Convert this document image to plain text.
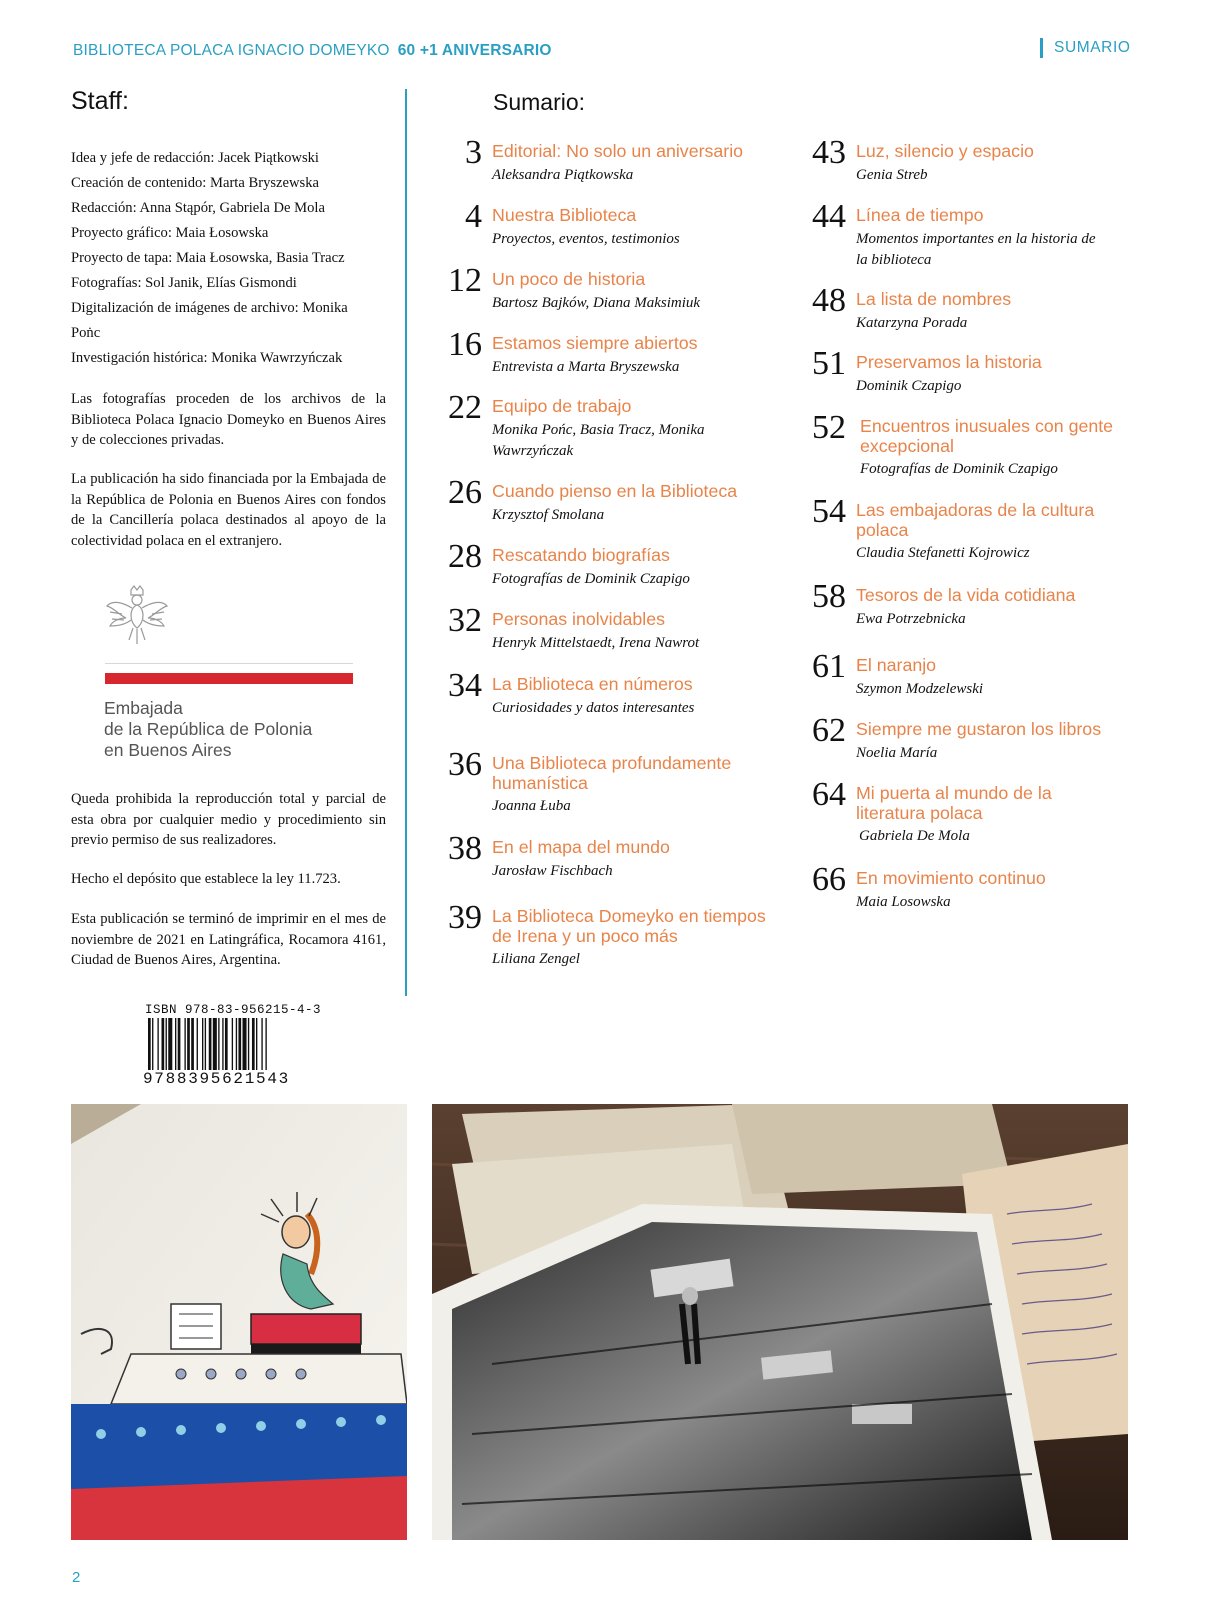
BIBLIOTECA POLACA IGNACIO DOMEYKO 60 +1 ANIVERSARIO	SUMARIO
Staff:
Idea y jefe de redacción: Jacek Piątkowski
Creación de contenido: Marta Bryszewska
Redacción: Anna Stąpór, Gabriela De Mola
Proyecto gráfico: Maia Łosowska
Proyecto de tapa: Maia Łosowska, Basia Tracz
Fotografías: Sol Janik, Elías Gismondi
Digitalización de imágenes de archivo: Monika
Poṅc
Investigación histórica: Monika Wawrzyńczak
Las fotografías proceden de los archivos de la Biblioteca Polaca Ignacio Domeyko en Buenos Aires y de colecciones privadas.
La publicación ha sido financiada por la Embajada de la República de Polonia en Buenos Aires con fondos de la Cancillería polaca destinados al apoyo de la colectividad polaca en el extranjero.
Embajada
de la República de Polonia
en Buenos Aires
Queda prohibida la reproducción total y parcial de esta obra por cualquier medio y procedimiento sin previo permiso de sus realizadores.
Hecho el depósito que establece la ley 11.723.
Esta publicación se terminó de imprimir en el mes de noviembre de 2021 en Latingráfica, Rocamora 4161, Ciudad de Buenos Aires, Argentina.
ISBN 978-83-956215-4-3
9788395621543
Sumario:
3 Editorial: No solo un aniversario
Aleksandra Piątkowska
4 Nuestra Biblioteca
Proyectos, eventos, testimonios
12 Un poco de historia
Bartosz Bajków, Diana Maksimiuk
16 Estamos siempre abiertos
Entrevista a Marta Bryszewska
22 Equipo de trabajo
Monika Pońc, Basia Tracz, Monika Wawrzyńczak
26 Cuando pienso en la Biblioteca
Krzysztof Smolana
28 Rescatando biografías
Fotografías de Dominik Czapigo
32 Personas inolvidables
Henryk Mittelstaedt, Irena Nawrot
34 La Biblioteca en números
Curiosidades y datos interesantes
36 Una Biblioteca profundamente humanística
Joanna Łuba
38 En el mapa del mundo
Jarosław Fischbach
39 La Biblioteca Domeyko en tiempos de Irena y un poco más
Liliana Zengel
43 Luz, silencio y espacio
Genia Streb
44 Línea de tiempo
Momentos importantes en la historia de la biblioteca
48 La lista de nombres
Katarzyna Porada
51 Preservamos la historia
Dominik Czapigo
52 Encuentros inusuales con gente excepcional
Fotografías de Dominik Czapigo
54 Las embajadoras de la cultura polaca
Claudia Stefanetti Kojrowicz
58 Tesoros de la vida cotidiana
Ewa Potrzebnicka
61 El naranjo
Szymon Modzelewski
62 Siempre me gustaron los libros
Noelia María
64 Mi puerta al mundo de la literatura polaca
Gabriela De Mola
66 En movimiento continuo
Maia Losowska
2
